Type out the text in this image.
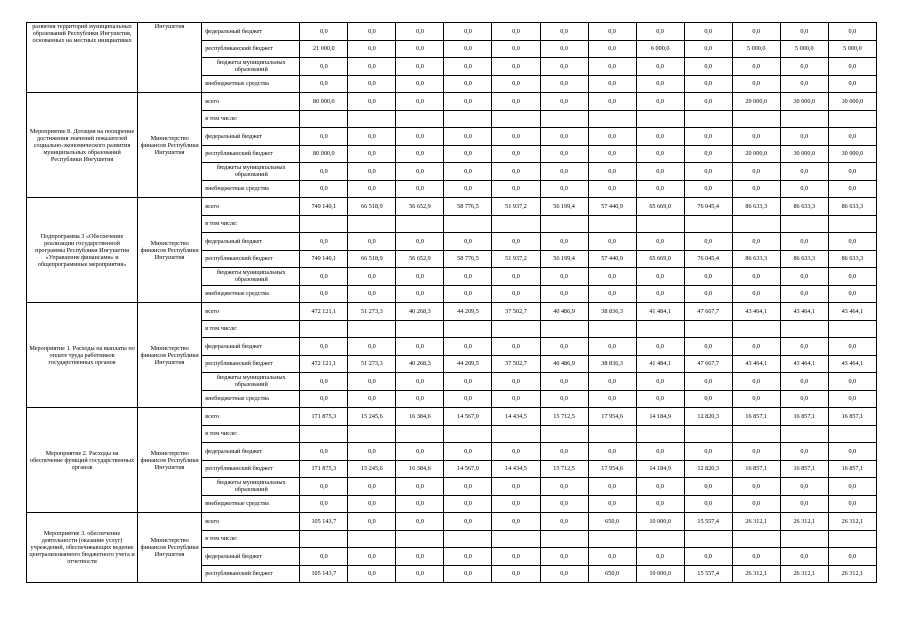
развития территорий муниципальных образований Республики Ингушетия, основанных на местных инициативах	Ингушетия	федеральный бюджет	0,0	0,0	0,0	0,0	0,0	0,0	0,0	0,0	0,0	0,0	0,0	0,0
		республиканский бюджет	21 000,0	0,0	0,0	0,0	0,0	0,0	0,0	6 000,0	0,0	5 000,0	5 000,0	5 000,0
		бюджеты муниципальных образований	0,0	0,0	0,0	0,0	0,0	0,0	0,0	0,0	0,0	0,0	0,0	0,0
		внебюджетные средства	0,0	0,0	0,0	0,0	0,0	0,0	0,0	0,0	0,0	0,0	0,0	0,0
Мероприятие 8. Дотация на поощрение достижения значений показателей социально-экономического развития муниципальных образований Республики Ингушетия	Министерство финансов Республики Ингушетия	всего	80 000,0	0,0	0,0	0,0	0,0	0,0	0,0	0,0	0,0	20 000,0	30 000,0	30 000,0
		в том числе:												
		федеральный бюджет	0,0	0,0	0,0	0,0	0,0	0,0	0,0	0,0	0,0	0,0	0,0	0,0
		республиканский бюджет	80 000,0	0,0	0,0	0,0	0,0	0,0	0,0	0,0	0,0	20 000,0	30 000,0	30 000,0
		бюджеты муниципальных образований	0,0	0,0	0,0	0,0	0,0	0,0	0,0	0,0	0,0	0,0	0,0	0,0
		внебюджетные средства	0,0	0,0	0,0	0,0	0,0	0,0	0,0	0,0	0,0	0,0	0,0	0,0
Подпрограмма 3 «Обеспечение реализации государственной программы Республики Ингушетия «Управление финансами» и общепрограммные мероприятия»	Министерство финансов Республики Ингушетия	всего	749 140,1	66 518,9	56 652,9	58 776,5	51 937,2	56 199,4	57 440,9	65 669,0	76 045,4	86 633,3	86 633,3	86 633,3
		в том числе:												
		федеральный бюджет	0,0	0,0	0,0	0,0	0,0	0,0	0,0	0,0	0,0	0,0	0,0	0,0
		республиканский бюджет	749 140,1	66 518,9	56 652,9	58 776,5	51 937,2	56 199,4	57 440,9	65 669,0	76 045,4	86 633,3	86 633,3	86 633,3
		бюджеты муниципальных образований	0,0	0,0	0,0	0,0	0,0	0,0	0,0	0,0	0,0	0,0	0,0	0,0
		внебюджетные средства	0,0	0,0	0,0	0,0	0,0	0,0	0,0	0,0	0,0	0,0	0,0	0,0
Мероприятие 1. Расходы на выплаты по оплате труда работников государственных органов	Министерство финансов Республики Ингушетия	всего	472 121,1	51 273,3	40 268,3	44 209,5	37 502,7	40 486,9	38 836,3	41 484,1	47 667,7	43 464,1	43 464,1	43 464,1
		в том числе:												
		федеральный бюджет	0,0	0,0	0,0	0,0	0,0	0,0	0,0	0,0	0,0	0,0	0,0	0,0
		республиканский бюджет	472 121,1	51 273,3	40 268,3	44 209,5	37 502,7	40 486,9	38 836,3	41 484,1	47 667,7	43 464,1	43 464,1	43 464,1
		бюджеты муниципальных образований	0,0	0,0	0,0	0,0	0,0	0,0	0,0	0,0	0,0	0,0	0,0	0,0
		внебюджетные средства	0,0	0,0	0,0	0,0	0,0	0,0	0,0	0,0	0,0	0,0	0,0	0,0
Мероприятие 2. Расходы на обеспечение функций государственных органов	Министерство финансов Республики Ингушетия	всего	171 875,3	15 245,6	16 384,6	14 567,0	14 434,5	15 712,5	17 954,6	14 184,9	12 820,3	16 857,1	16 857,1	16 857,1
		в том числе:												
		федеральный бюджет	0,0	0,0	0,0	0,0	0,0	0,0	0,0	0,0	0,0	0,0	0,0	0,0
		республиканский бюджет	171 875,3	15 245,6	16 384,6	14 567,0	14 434,5	15 712,5	17 954,6	14 184,9	12 820,3	16 857,1	16 857,1	16 857,1
		бюджеты муниципальных образований	0,0	0,0	0,0	0,0	0,0	0,0	0,0	0,0	0,0	0,0	0,0	0,0
		внебюджетные средства	0,0	0,0	0,0	0,0	0,0	0,0	0,0	0,0	0,0	0,0	0,0	0,0
Мероприятие 3. обеспечение деятельности (оказание услуг) учреждений, обеспечивающих ведение централизованного бюджетного учета и отчетности	Министерство финансов Республики Ингушетия	всего	105 143,7	0,0	0,0	0,0	0,0	0,0	650,0	10 000,0	15 557,4	26 312,1	26 312,1	26 312,1
		в том числе:												
		федеральный бюджет	0,0	0,0	0,0	0,0	0,0	0,0	0,0	0,0	0,0	0,0	0,0	0,0
		республиканский бюджет	105 143,7	0,0	0,0	0,0	0,0	0,0	650,0	10 000,0	15 557,4	26 312,1	26 312,1	26 312,1
